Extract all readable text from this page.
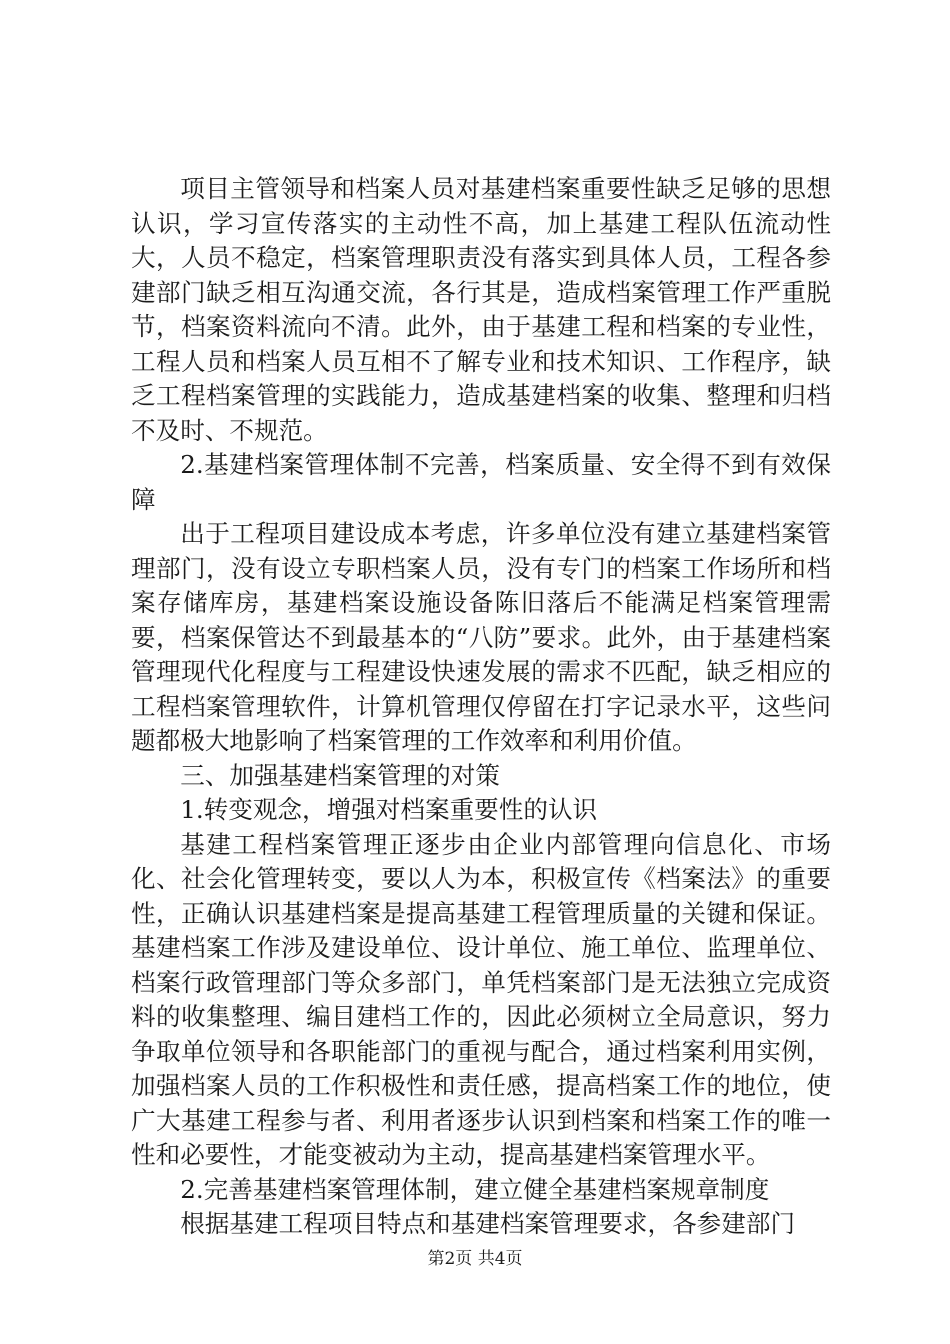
项目主管领导和档案人员对基建档案重要性缺乏足够的思想认识，学习宣传落实的主动性不高，加上基建工程队伍流动性大，人员不稳定，档案管理职责没有落实到具体人员，工程各参建部门缺乏相互沟通交流，各行其是，造成档案管理工作严重脱节，档案资料流向不清。此外，由于基建工程和档案的专业性，工程人员和档案人员互相不了解专业和技术知识、工作程序，缺乏工程档案管理的实践能力，造成基建档案的收集、整理和归档不及时、不规范。

2.基建档案管理体制不完善，档案质量、安全得不到有效保障

出于工程项目建设成本考虑，许多单位没有建立基建档案管理部门，没有设立专职档案人员，没有专门的档案工作场所和档案存储库房，基建档案设施设备陈旧落后不能满足档案管理需要，档案保管达不到最基本的“八防”要求。此外，由于基建档案管理现代化程度与工程建设快速发展的需求不匹配，缺乏相应的工程档案管理软件，计算机管理仅停留在打字记录水平，这些问题都极大地影响了档案管理的工作效率和利用价值。

三、加强基建档案管理的对策

1.转变观念，增强对档案重要性的认识

基建工程档案管理正逐步由企业内部管理向信息化、市场化、社会化管理转变，要以人为本，积极宣传《档案法》的重要性，正确认识基建档案是提高基建工程管理质量的关键和保证。基建档案工作涉及建设单位、设计单位、施工单位、监理单位、档案行政管理部门等众多部门，单凭档案部门是无法独立完成资料的收集整理、编目建档工作的，因此必须树立全局意识，努力争取单位领导和各职能部门的重视与配合，通过档案利用实例，加强档案人员的工作积极性和责任感，提高档案工作的地位，使广大基建工程参与者、利用者逐步认识到档案和档案工作的唯一性和必要性，才能变被动为主动，提高基建档案管理水平。

2.完善基建档案管理体制，建立健全基建档案规章制度

根据基建工程项目特点和基建档案管理要求，各参建部门

第2页 共4页
